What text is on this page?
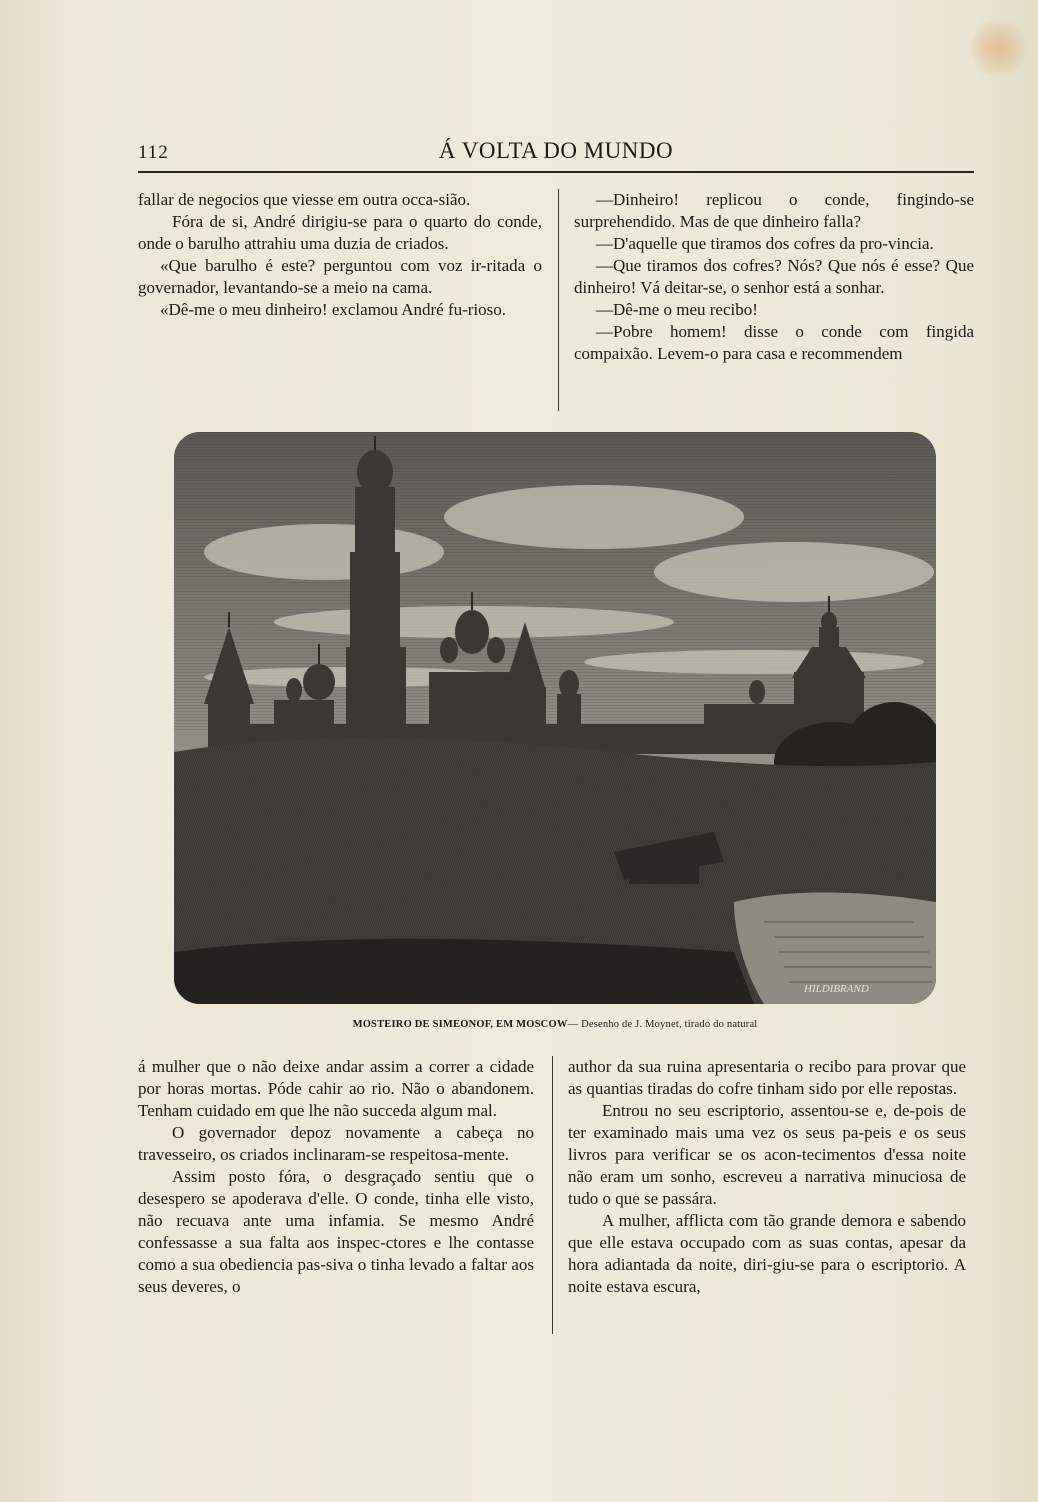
112	Á VOLTA DO MUNDO

fallar de negocios que viesse em outra occa-sião.

Fóra de si, André dirigiu-se para o quarto do conde, onde o barulho attrahiu uma duzia de criados.

«Que barulho é este? perguntou com voz ir-ritada o governador, levantando-se a meio na cama.

«Dê-me o meu dinheiro! exclamou André fu-rioso.

—Dinheiro! replicou o conde, fingindo-se surprehendido. Mas de que dinheiro falla?

—D'aquelle que tiramos dos cofres da pro-vincia.

—Que tiramos dos cofres? Nós? Que nós é esse? Que dinheiro! Vá deitar-se, o senhor está a sonhar.

—Dê-me o meu recibo!

—Pobre homem! disse o conde com fingida compaixão. Levem-o para casa e recommendem

HILDIBRAND
MOSTEIRO DE SIMEONOF, EM MOSCOW— Desenho de J. Moynet, tirado do natural

á mulher que o não deixe andar assim a correr a cidade por horas mortas. Póde cahir ao rio. Não o abandonem. Tenham cuidado em que lhe não succeda algum mal.

O governador depoz novamente a cabeça no travesseiro, os criados inclinaram-se respeitosa-mente.

Assim posto fóra, o desgraçado sentiu que o desespero se apoderava d'elle. O conde, tinha elle visto, não recuava ante uma infamia. Se mesmo André confessasse a sua falta aos inspec-ctores e lhe contasse como a sua obediencia pas-siva o tinha levado a faltar aos seus deveres, o

author da sua ruina apresentaria o recibo para provar que as quantias tiradas do cofre tinham sido por elle repostas.

Entrou no seu escriptorio, assentou-se e, de-pois de ter examinado mais uma vez os seus pa-peis e os seus livros para verificar se os acon-tecimentos d'essa noite não eram um sonho, escreveu a narrativa minuciosa de tudo o que se passára.

A mulher, afflicta com tão grande demora e sabendo que elle estava occupado com as suas contas, apesar da hora adiantada da noite, diri-giu-se para o escriptorio. A noite estava escura,
